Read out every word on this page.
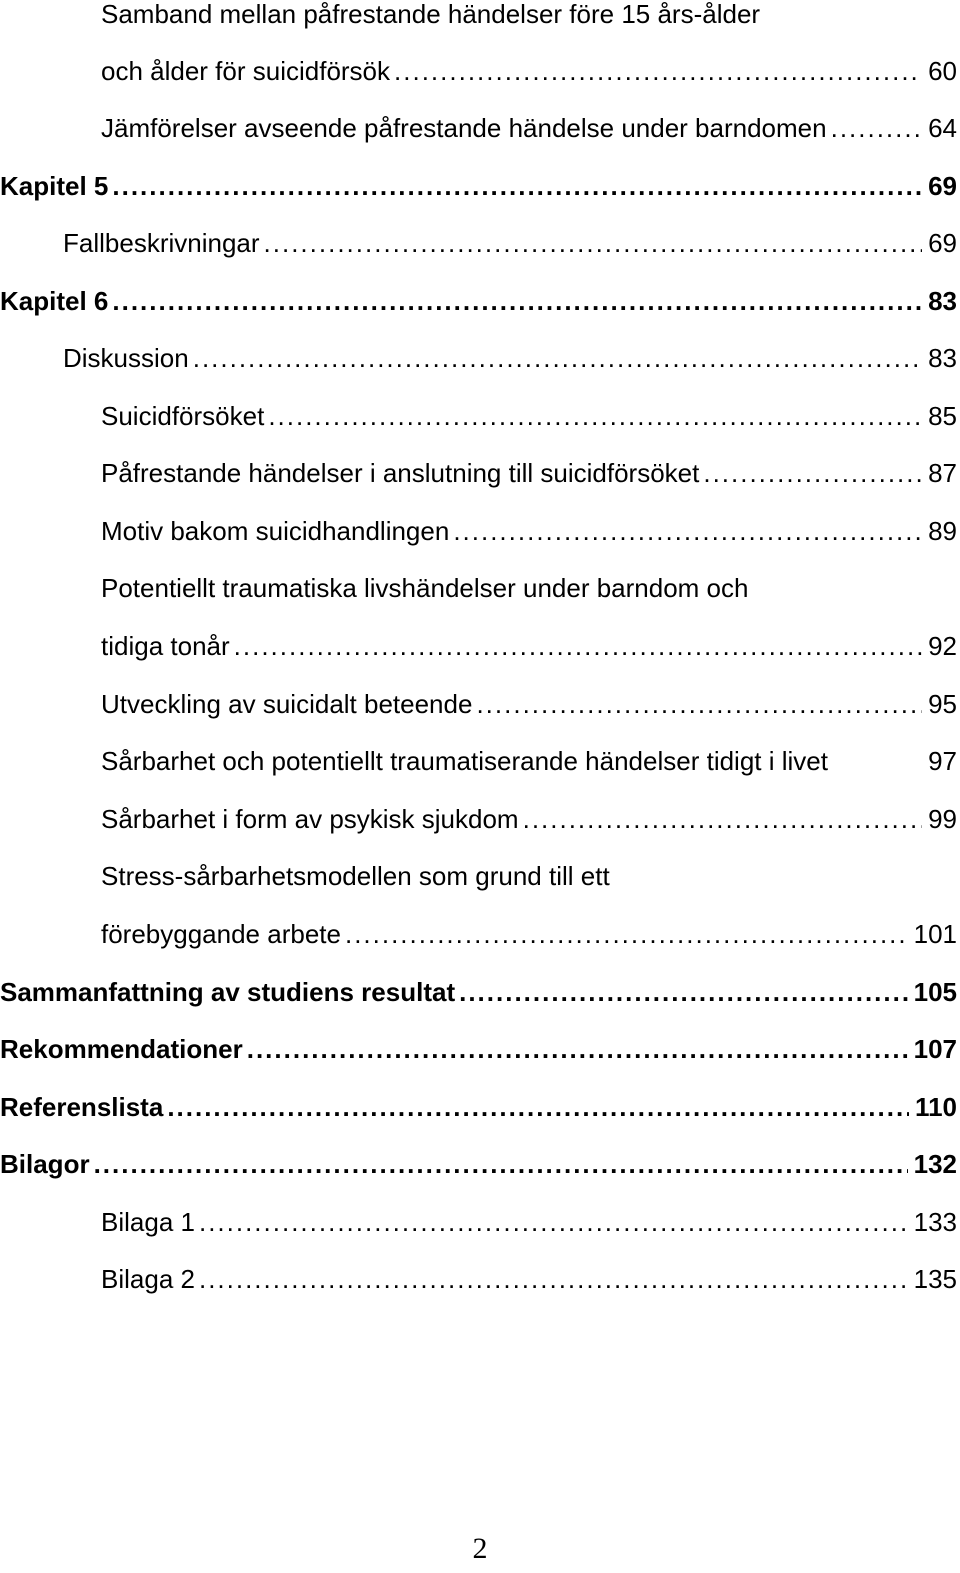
Samband mellan påfrestande händelser före 15 års-ålder
och ålder för suicidförsök .....	60
Jämförelser avseende påfrestande händelse under barndomen .....	64
Kapitel 5 .....	69
Fallbeskrivningar .....	69
Kapitel 6 .....	83
Diskussion .....	83
Suicidförsöket .....	85
Påfrestande händelser i anslutning till suicidförsöket .....	87
Motiv bakom suicidhandlingen .....	89
Potentiellt traumatiska livshändelser under barndom och
tidiga tonår .....	92
Utveckling av suicidalt beteende .....	95
Sårbarhet och potentiellt traumatiserande händelser tidigt i livet	97
Sårbarhet i form av psykisk sjukdom .....	99
Stress-sårbarhetsmodellen som grund till ett
förebyggande arbete .....	101
Sammanfattning av studiens resultat .....	105
Rekommendationer .....	107
Referenslista .....	110
Bilagor .....	132
Bilaga 1 .....	133
Bilaga 2 .....	135
2
